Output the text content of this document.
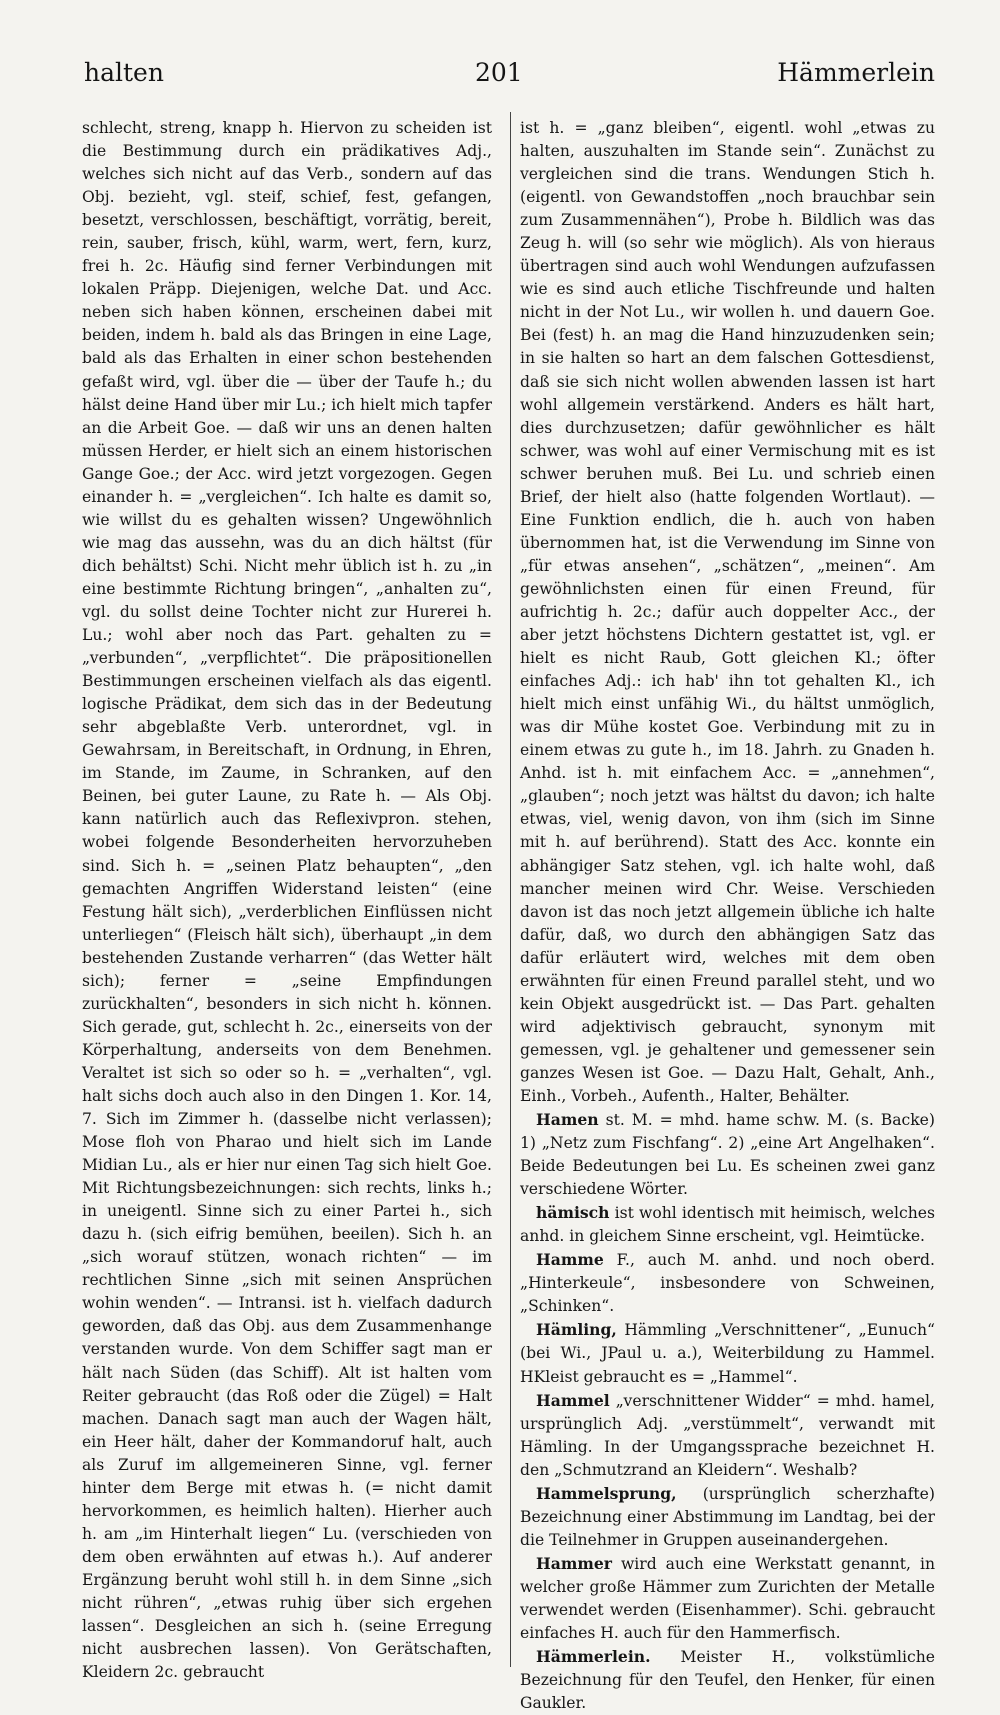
halten	201	Hämmerlein

schlecht, streng, knapp h. Hiervon zu scheiden ist die Bestimmung durch ein prädikatives Adj., welches sich nicht auf das Verb., sondern auf das Obj. bezieht, vgl. steif, schief, fest, gefangen, besetzt, verschlossen, beschäftigt, vorrätig, bereit, rein, sauber, frisch, kühl, warm, wert, fern, kurz, frei h. 2c. Häufig sind ferner Verbindungen mit lokalen Präpp. Diejenigen, welche Dat. und Acc. neben sich haben können, erscheinen dabei mit beiden, indem h. bald als das Bringen in eine Lage, bald als das Erhalten in einer schon bestehenden gefaßt wird, vgl. über die — über der Taufe h.; du hälst deine Hand über mir Lu.; ich hielt mich tapfer an die Arbeit Goe. — daß wir uns an denen halten müssen Herder, er hielt sich an einem historischen Gange Goe.; der Acc. wird jetzt vorgezogen. Gegen einander h. = „vergleichen“. Ich halte es damit so, wie willst du es gehalten wissen? Ungewöhnlich wie mag das aussehn, was du an dich hältst (für dich behältst) Schi. Nicht mehr üblich ist h. zu „in eine bestimmte Richtung bringen“, „anhalten zu“, vgl. du sollst deine Tochter nicht zur Hurerei h. Lu.; wohl aber noch das Part. gehalten zu = „verbunden“, „verpflichtet“. Die präpositionellen Bestimmungen erscheinen vielfach als das eigentl. logische Prädikat, dem sich das in der Bedeutung sehr abgeblaßte Verb. unterordnet, vgl. in Gewahrsam, in Bereitschaft, in Ordnung, in Ehren, im Stande, im Zaume, in Schranken, auf den Beinen, bei guter Laune, zu Rate h. — Als Obj. kann natürlich auch das Reflexivpron. stehen, wobei folgende Besonderheiten hervorzuheben sind. Sich h. = „seinen Platz behaupten“, „den gemachten Angriffen Widerstand leisten“ (eine Festung hält sich), „verderblichen Einflüssen nicht unterliegen“ (Fleisch hält sich), überhaupt „in dem bestehenden Zustande verharren“ (das Wetter hält sich); ferner = „seine Empfindungen zurückhalten“, besonders in sich nicht h. können. Sich gerade, gut, schlecht h. 2c., einerseits von der Körperhaltung, anderseits von dem Benehmen. Veraltet ist sich so oder so h. = „verhalten“, vgl. halt sichs doch auch also in den Dingen 1. Kor. 14, 7. Sich im Zimmer h. (dasselbe nicht verlassen); Mose floh von Pharao und hielt sich im Lande Midian Lu., als er hier nur einen Tag sich hielt Goe. Mit Richtungsbezeichnungen: sich rechts, links h.; in uneigentl. Sinne sich zu einer Partei h., sich dazu h. (sich eifrig bemühen, beeilen). Sich h. an „sich worauf stützen, wonach richten“ — im rechtlichen Sinne „sich mit seinen Ansprüchen wohin wenden“. — Intransi. ist h. vielfach dadurch geworden, daß das Obj. aus dem Zusammenhange verstanden wurde. Von dem Schiffer sagt man er hält nach Süden (das Schiff). Alt ist halten vom Reiter gebraucht (das Roß oder die Zügel) = Halt machen. Danach sagt man auch der Wagen hält, ein Heer hält, daher der Kommandoruf halt, auch als Zuruf im allgemeineren Sinne, vgl. ferner hinter dem Berge mit etwas h. (= nicht damit hervorkommen, es heimlich halten). Hierher auch h. am „im Hinterhalt liegen“ Lu. (verschieden von dem oben erwähnten auf etwas h.). Auf anderer Ergänzung beruht wohl still h. in dem Sinne „sich nicht rühren“, „etwas ruhig über sich ergehen lassen“. Desgleichen an sich h. (seine Erregung nicht ausbrechen lassen). Von Gerätschaften, Kleidern 2c. gebraucht

ist h. = „ganz bleiben“, eigentl. wohl „etwas zu halten, auszuhalten im Stande sein“. Zunächst zu vergleichen sind die trans. Wendungen Stich h. (eigentl. von Gewandstoffen „noch brauchbar sein zum Zusammennähen“), Probe h. Bildlich was das Zeug h. will (so sehr wie möglich). Als von hieraus übertragen sind auch wohl Wendungen aufzufassen wie es sind auch etliche Tischfreunde und halten nicht in der Not Lu., wir wollen h. und dauern Goe. Bei (fest) h. an mag die Hand hinzuzudenken sein; in sie halten so hart an dem falschen Gottesdienst, daß sie sich nicht wollen abwenden lassen ist hart wohl allgemein verstärkend. Anders es hält hart, dies durchzusetzen; dafür gewöhnlicher es hält schwer, was wohl auf einer Vermischung mit es ist schwer beruhen muß. Bei Lu. und schrieb einen Brief, der hielt also (hatte folgenden Wortlaut). — Eine Funktion endlich, die h. auch von haben übernommen hat, ist die Verwendung im Sinne von „für etwas ansehen“, „schätzen“, „meinen“. Am gewöhnlichsten einen für einen Freund, für aufrichtig h. 2c.; dafür auch doppelter Acc., der aber jetzt höchstens Dichtern gestattet ist, vgl. er hielt es nicht Raub, Gott gleichen Kl.; öfter einfaches Adj.: ich hab' ihn tot gehalten Kl., ich hielt mich einst unfähig Wi., du hältst unmöglich, was dir Mühe kostet Goe. Verbindung mit zu in einem etwas zu gute h., im 18. Jahrh. zu Gnaden h. Anhd. ist h. mit einfachem Acc. = „annehmen“, „glauben“; noch jetzt was hältst du davon; ich halte etwas, viel, wenig davon, von ihm (sich im Sinne mit h. auf berührend). Statt des Acc. konnte ein abhängiger Satz stehen, vgl. ich halte wohl, daß mancher meinen wird Chr. Weise. Verschieden davon ist das noch jetzt allgemein übliche ich halte dafür, daß, wo durch den abhängigen Satz das dafür erläutert wird, welches mit dem oben erwähnten für einen Freund parallel steht, und wo kein Objekt ausgedrückt ist. — Das Part. gehalten wird adjektivisch gebraucht, synonym mit gemessen, vgl. je gehaltener und gemessener sein ganzes Wesen ist Goe. — Dazu Halt, Gehalt, Anh., Einh., Vorbeh., Aufenth., Halter, Behälter.

Hamen st. M. = mhd. hame schw. M. (s. Backe) 1) „Netz zum Fischfang“. 2) „eine Art Angelhaken“. Beide Bedeutungen bei Lu. Es scheinen zwei ganz verschiedene Wörter.

hämisch ist wohl identisch mit heimisch, welches anhd. in gleichem Sinne erscheint, vgl. Heimtücke.

Hamme F., auch M. anhd. und noch oberd. „Hinterkeule“, insbesondere von Schweinen, „Schinken“.

Hämling, Hämmling „Verschnittener“, „Eunuch“ (bei Wi., JPaul u. a.), Weiterbildung zu Hammel. HKleist gebraucht es = „Hammel“.

Hammel „verschnittener Widder“ = mhd. hamel, ursprünglich Adj. „verstümmelt“, verwandt mit Hämling. In der Umgangssprache bezeichnet H. den „Schmutzrand an Kleidern“. Weshalb?

Hammelsprung, (ursprünglich scherzhafte) Bezeichnung einer Abstimmung im Landtag, bei der die Teilnehmer in Gruppen auseinandergehen.

Hammer wird auch eine Werkstatt genannt, in welcher große Hämmer zum Zurichten der Metalle verwendet werden (Eisenhammer). Schi. gebraucht einfaches H. auch für den Hammerfisch.

Hämmerlein. Meister H., volkstümliche Bezeichnung für den Teufel, den Henker, für einen Gaukler.
